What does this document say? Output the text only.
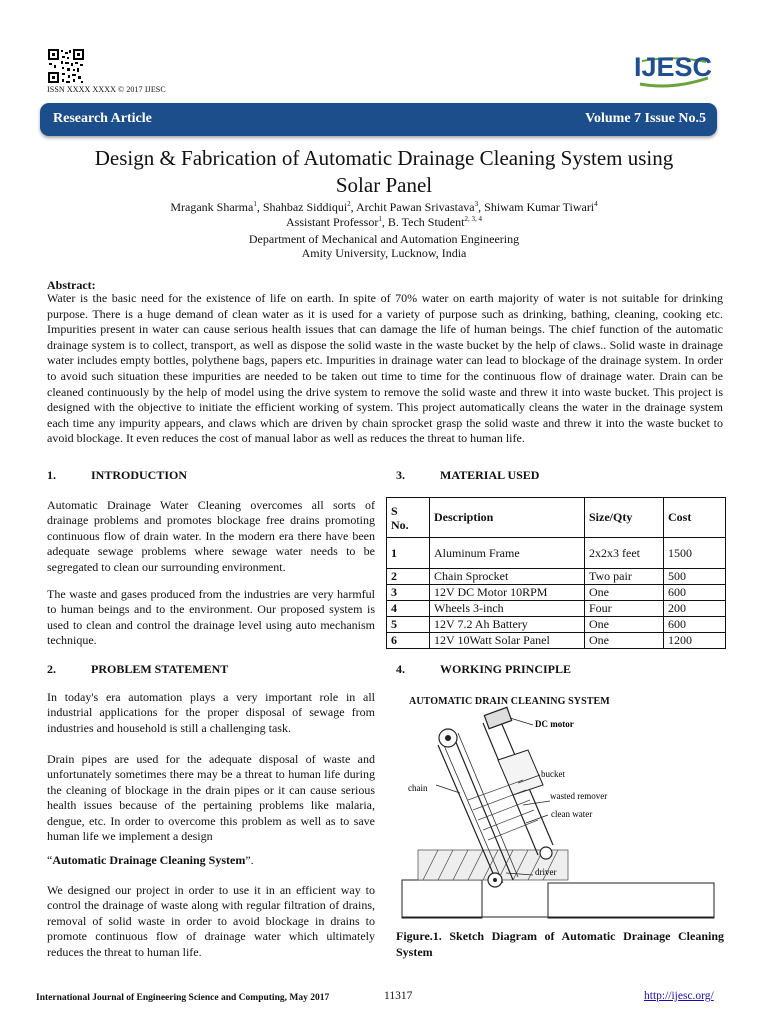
ISSN XXXX XXXX © 2017 IJESC
IJESC
Research Article	Volume 7 Issue No.5
Design & Fabrication of Automatic Drainage Cleaning System using
Solar Panel
Mragank Sharma$^1$, Shahbaz Siddiqui$^2$, Archit Pawan Srivastava$^3$, Shiwam Kumar Tiwari$^4$
Assistant Professor$^1$, B. Tech Student$^{2, 3, 4}$
Department of Mechanical and Automation Engineering
Amity University, Lucknow, India
Abstract:
Water is the basic need for the existence of life on earth. In spite of 70% water on earth majority of water is not suitable for drinking purpose. There is a huge demand of clean water as it is used for a variety of purpose such as drinking, bathing, cleaning, cooking etc. Impurities present in water can cause serious health issues that can damage the life of human beings. The chief function of the automatic drainage system is to collect, transport, as well as dispose the solid waste in the waste bucket by the help of claws.. Solid waste in drainage water includes empty bottles, polythene bags, papers etc. Impurities in drainage water can lead to blockage of the drainage system. In order to avoid such situation these impurities are needed to be taken out time to time for the continuous flow of drainage water. Drain can be cleaned continuously by the help of model using the drive system to remove the solid waste and threw it into waste bucket. This project is designed with the objective to initiate the efficient working of system. This project automatically cleans the water in the drainage system each time any impurity appears, and claws which are driven by chain sprocket grasp the solid waste and threw it into the waste bucket to avoid blockage. It even reduces the cost of manual labor as well as reduces the threat to human life.
1.	INTRODUCTION

Automatic Drainage Water Cleaning overcomes all sorts of drainage problems and promotes blockage free drains promoting continuous flow of drain water. In the modern era there have been adequate sewage problems where sewage water needs to be segregated to clean our surrounding environment.

The waste and gases produced from the industries are very harmful to human beings and to the environment. Our proposed system is used to clean and control the drainage level using auto mechanism technique.

2.	PROBLEM STATEMENT

In today's era automation plays a very important role in all industrial applications for the proper disposal of sewage from industries and household is still a challenging task.

Drain pipes are used for the adequate disposal of waste and unfortunately sometimes there may be a threat to human life during the cleaning of blockage in the drain pipes or it can cause serious health issues because of the pertaining problems like malaria, dengue, etc. In order to overcome this problem as well as to save human life we implement a design

“Automatic Drainage Cleaning System”.

We designed our project in order to use it in an efficient way to control the drainage of waste along with regular filtration of drains, removal of solid waste in order to avoid blockage in drains to promote continuous flow of drainage water which ultimately reduces the threat to human life.

3.	MATERIAL USED
S
No.	Description	Size/Qty	Cost
1	Aluminum Frame	2x2x3 feet	1500
2	Chain Sprocket	Two pair	500
3	12V DC Motor 10RPM	One	600
4	Wheels 3-inch	Four	200
5	12V 7.2 Ah Battery	One	600
6	12V 10Watt Solar Panel	One	1200
4.	WORKING PRINCIPLE
AUTOMATIC DRAIN CLEANING SYSTEM
DC motor
chain
bucket
wasted remover
clean water
driver
Figure.1. Sketch Diagram of Automatic Drainage Cleaning System
International Journal of Engineering Science and Computing, May 2017	11317	http://ijesc.org/
